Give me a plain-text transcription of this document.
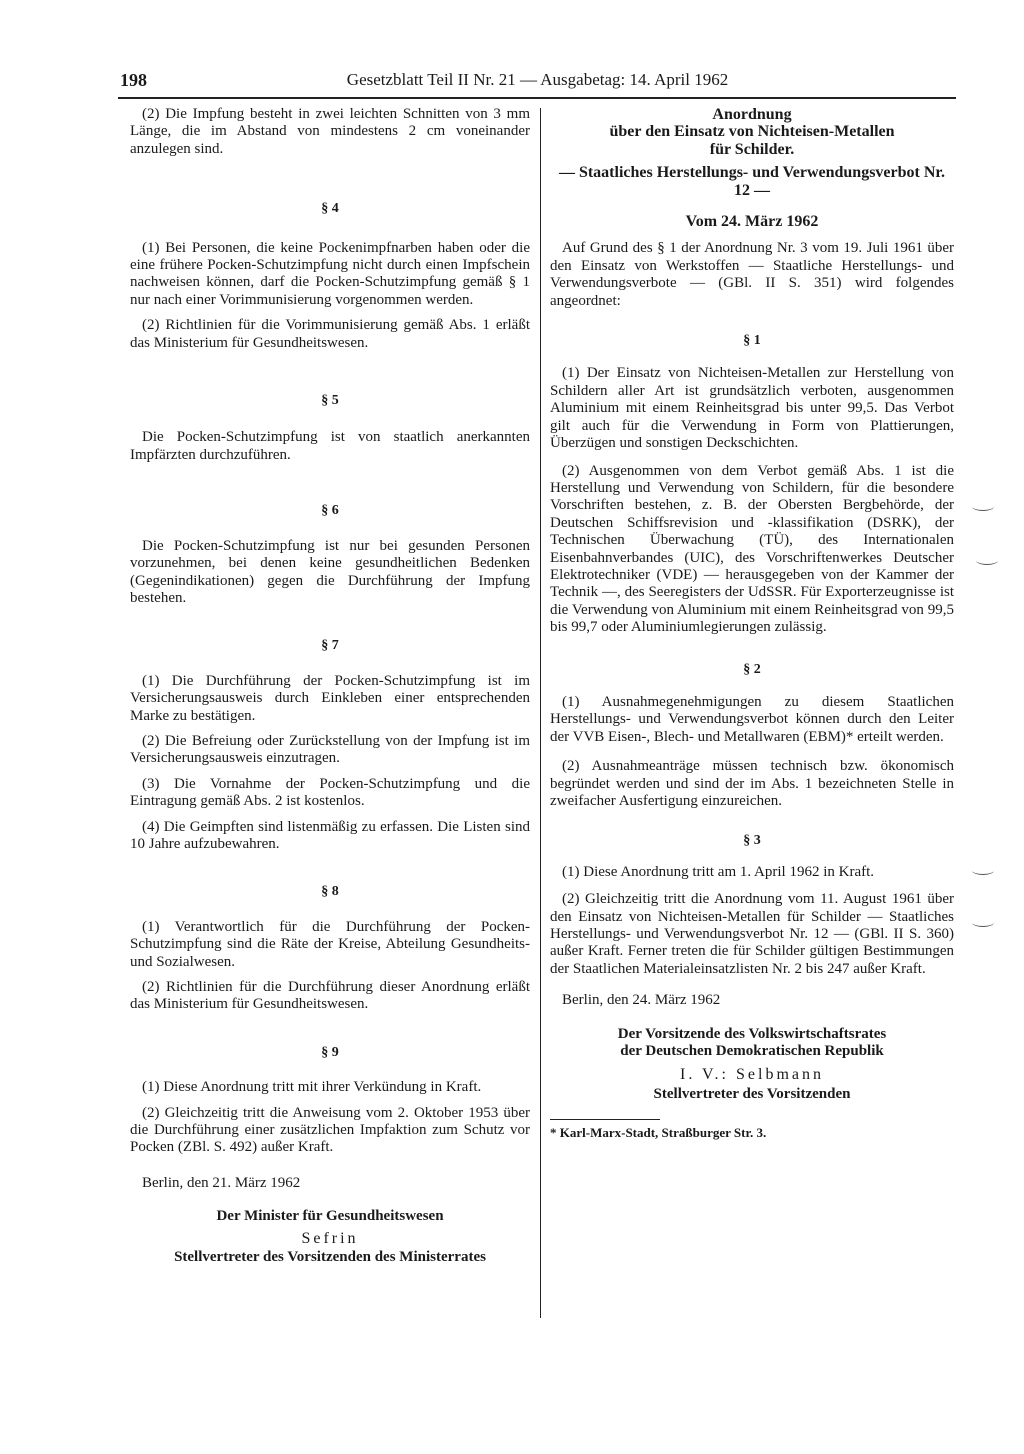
198	Gesetzblatt Teil II Nr. 21 — Ausgabetag: 14. April 1962

(2) Die Impfung besteht in zwei leichten Schnitten von 3 mm Länge, die im Abstand von mindestens 2 cm voneinander anzulegen sind.

§ 4

(1) Bei Personen, die keine Pockenimpfnarben haben oder die eine frühere Pocken-Schutzimpfung nicht durch einen Impfschein nachweisen können, darf die Pocken-Schutzimpfung gemäß § 1 nur nach einer Vorimmunisierung vorgenommen werden.

(2) Richtlinien für die Vorimmunisierung gemäß Abs. 1 erläßt das Ministerium für Gesundheitswesen.

§ 5

Die Pocken-Schutzimpfung ist von staatlich anerkannten Impfärzten durchzuführen.

§ 6

Die Pocken-Schutzimpfung ist nur bei gesunden Personen vorzunehmen, bei denen keine gesundheitlichen Bedenken (Gegenindikationen) gegen die Durchführung der Impfung bestehen.

§ 7

(1) Die Durchführung der Pocken-Schutzimpfung ist im Versicherungsausweis durch Einkleben einer entsprechenden Marke zu bestätigen.

(2) Die Befreiung oder Zurückstellung von der Impfung ist im Versicherungsausweis einzutragen.

(3) Die Vornahme der Pocken-Schutzimpfung und die Eintragung gemäß Abs. 2 ist kostenlos.

(4) Die Geimpften sind listenmäßig zu erfassen. Die Listen sind 10 Jahre aufzubewahren.

§ 8

(1) Verantwortlich für die Durchführung der Pocken-Schutzimpfung sind die Räte der Kreise, Abteilung Gesundheits- und Sozialwesen.

(2) Richtlinien für die Durchführung dieser Anordnung erläßt das Ministerium für Gesundheitswesen.

§ 9

(1) Diese Anordnung tritt mit ihrer Verkündung in Kraft.

(2) Gleichzeitig tritt die Anweisung vom 2. Oktober 1953 über die Durchführung einer zusätzlichen Impfaktion zum Schutz vor Pocken (ZBl. S. 492) außer Kraft.

Berlin, den 21. März 1962

Der Minister für Gesundheitswesen

Sefrin

Stellvertreter des Vorsitzenden des Ministerrates

Anordnung

über den Einsatz von Nichteisen-Metallen

für Schilder.

— Staatliches Herstellungs- und Verwendungsverbot Nr. 12 —

Vom 24. März 1962

Auf Grund des § 1 der Anordnung Nr. 3 vom 19. Juli 1961 über den Einsatz von Werkstoffen — Staatliche Herstellungs- und Verwendungsverbote — (GBl. II S. 351) wird folgendes angeordnet:

§ 1

(1) Der Einsatz von Nichteisen-Metallen zur Herstellung von Schildern aller Art ist grundsätzlich verboten, ausgenommen Aluminium mit einem Reinheitsgrad bis unter 99,5. Das Verbot gilt auch für die Verwendung in Form von Plattierungen, Überzügen und sonstigen Deckschichten.

(2) Ausgenommen von dem Verbot gemäß Abs. 1 ist die Herstellung und Verwendung von Schildern, für die besondere Vorschriften bestehen, z. B. der Obersten Bergbehörde, der Deutschen Schiffsrevision und -klassifikation (DSRK), der Technischen Überwachung (TÜ), des Internationalen Eisenbahnverbandes (UIC), des Vorschriftenwerkes Deutscher Elektrotechniker (VDE) — herausgegeben von der Kammer der Technik —, des Seeregisters der UdSSR. Für Exporterzeugnisse ist die Verwendung von Aluminium mit einem Reinheitsgrad von 99,5 bis 99,7 oder Aluminiumlegierungen zulässig.

§ 2

(1) Ausnahmegenehmigungen zu diesem Staatlichen Herstellungs- und Verwendungsverbot können durch den Leiter der VVB Eisen-, Blech- und Metallwaren (EBM)* erteilt werden.

(2) Ausnahmeanträge müssen technisch bzw. ökonomisch begründet werden und sind der im Abs. 1 bezeichneten Stelle in zweifacher Ausfertigung einzureichen.

§ 3

(1) Diese Anordnung tritt am 1. April 1962 in Kraft.

(2) Gleichzeitig tritt die Anordnung vom 11. August 1961 über den Einsatz von Nichteisen-Metallen für Schilder — Staatliches Herstellungs- und Verwendungsverbot Nr. 12 — (GBl. II S. 360) außer Kraft. Ferner treten die für Schilder gültigen Bestimmungen der Staatlichen Materialeinsatzlisten Nr. 2 bis 247 außer Kraft.

Berlin, den 24. März 1962

Der Vorsitzende des Volkswirtschaftsrates

der Deutschen Demokratischen Republik

I. V.: Selbmann

Stellvertreter des Vorsitzenden

* Karl-Marx-Stadt, Straßburger Str. 3.
